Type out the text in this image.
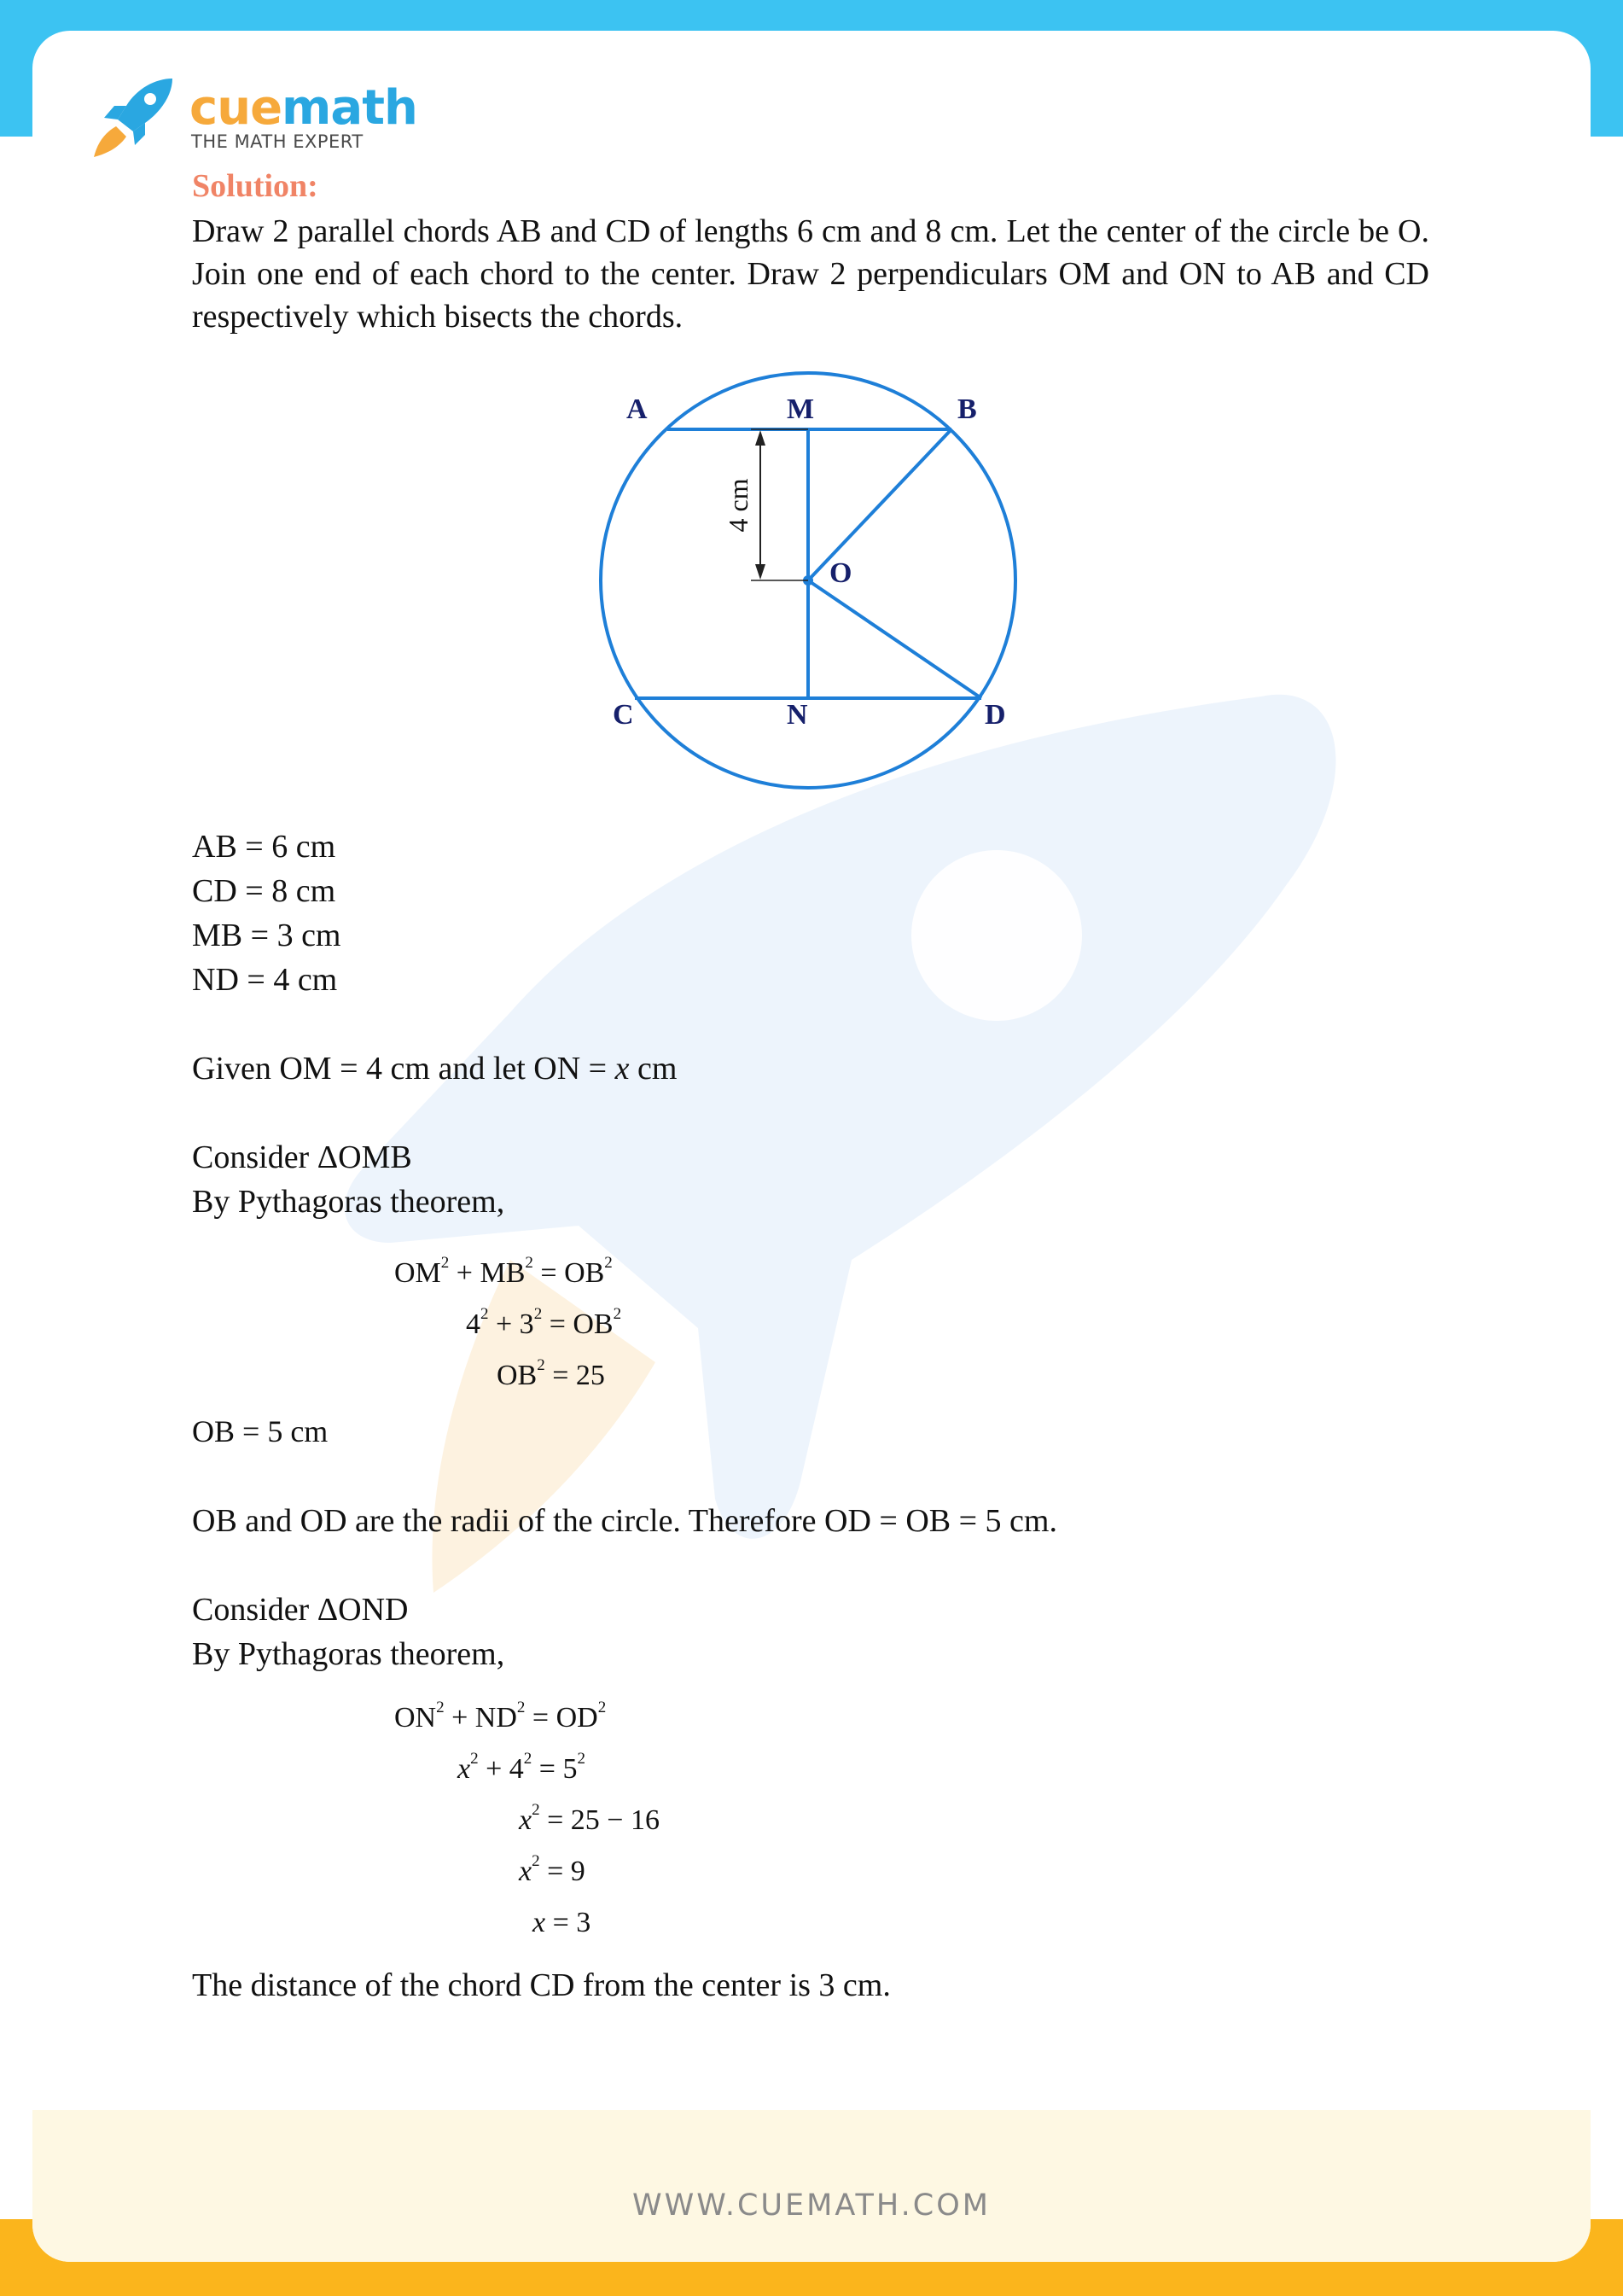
WWW.CUEMATH.COM
cuemath
THE MATH EXPERT
Solution:
Draw 2 parallel chords AB and CD of lengths 6 cm and 8 cm. Let the center of the circle be O. Join one end of each chord to the center. Draw 2 perpendiculars OM and ON to AB and CD respectively which bisects the chords.
4 cm
A	M	B
O
C	N	D
AB = 6 cm
CD = 8 cm
MB = 3 cm
ND = 4 cm
Given OM = 4 cm and let ON = x cm
Consider ΔOMB
By Pythagoras theorem,
$OM^2 + MB^2 = OB^2$
$4^2 + 3^2 = OB^2$
$OB^2 = 25$
OB = 5 cm
OB and OD are the radii of the circle. Therefore OD = OB = 5 cm.
Consider ΔOND
By Pythagoras theorem,
$ON^2 + ND^2 = OD^2$
$x^2 + 4^2 = 5^2$
$x^2 = 25 - 16$
$x^2 = 9$
x = 3
The distance of the chord CD from the center is 3 cm.
